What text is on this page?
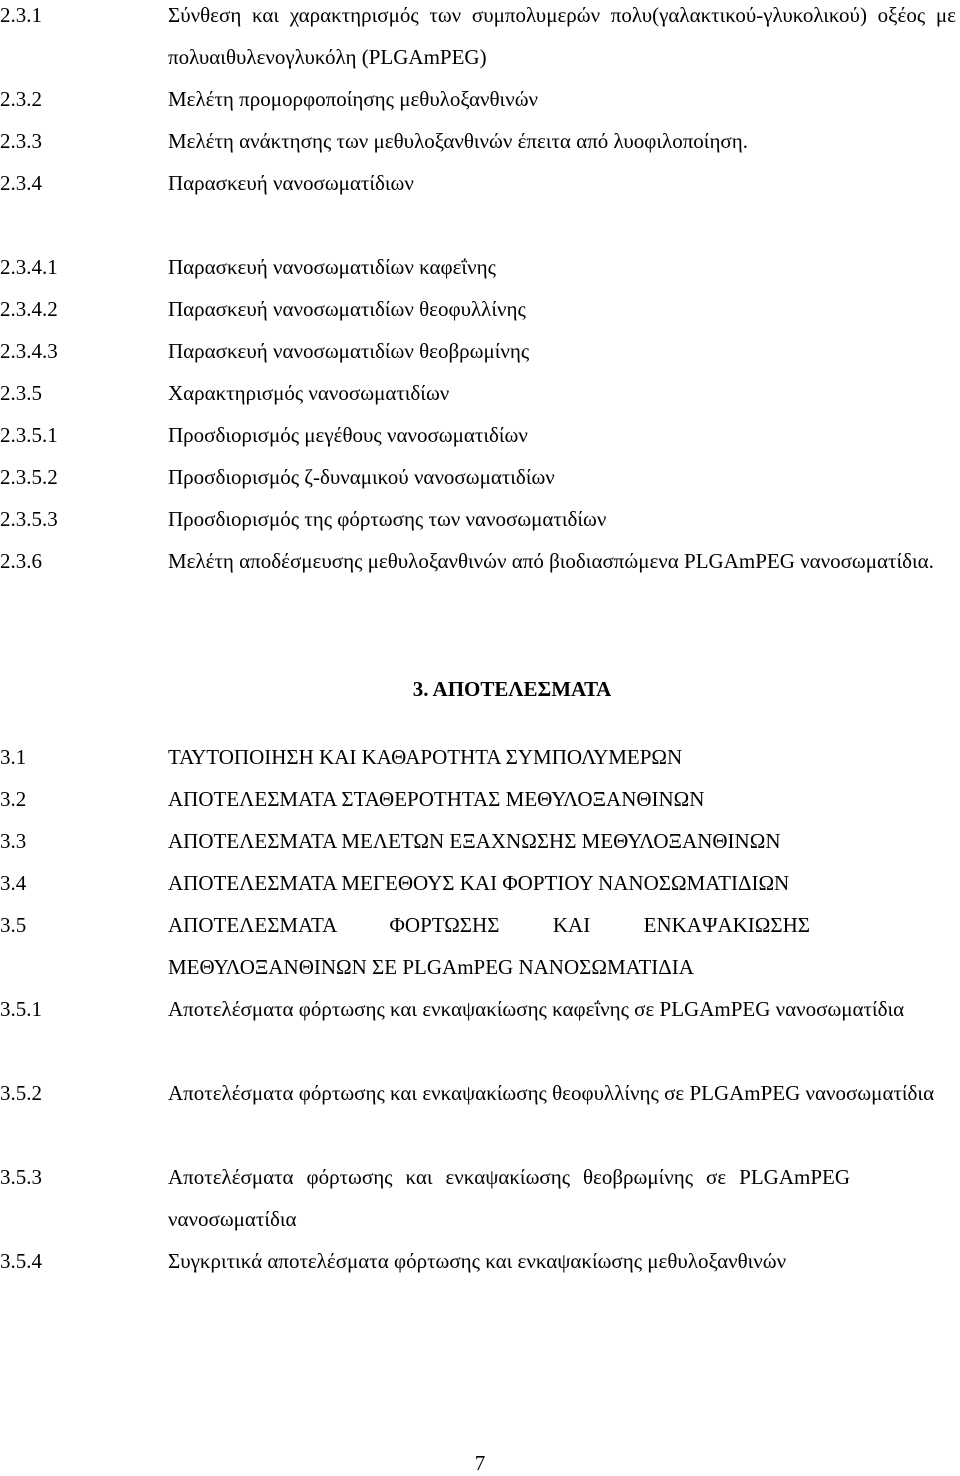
2.3.1	Σύνθεση και χαρακτηρισμός των συμπολυμερών πολυ(γαλακτικού-γλυκολικού) οξέος με πολυαιθυλενογλυκόλη (PLGAmPEG)
2.3.2	Μελέτη προμορφοποίησης μεθυλοξανθινών
2.3.3	Μελέτη ανάκτησης των μεθυλοξανθινών έπειτα από λυοφιλοποίηση.
2.3.4	Παρασκευή νανοσωματίδιων
2.3.4.1	Παρασκευή νανοσωματιδίων καφεΐνης
2.3.4.2	Παρασκευή νανοσωματιδίων θεοφυλλίνης
2.3.4.3	Παρασκευή νανοσωματιδίων θεοβρωμίνης
2.3.5	Χαρακτηρισμός νανοσωματιδίων
2.3.5.1	Προσδιορισμός μεγέθους νανοσωματιδίων
2.3.5.2	Προσδιορισμός ζ-δυναμικού νανοσωματιδίων
2.3.5.3	Προσδιορισμός της φόρτωσης των νανοσωματιδίων
2.3.6	Μελέτη αποδέσμευσης μεθυλοξανθινών από βιοδιασπώμενα PLGAmPEG νανοσωματίδια.
3. ΑΠΟΤΕΛΕΣΜΑΤΑ
3.1	ΤΑΥΤΟΠΟΙΗΣΗ ΚΑΙ ΚΑΘΑΡΟΤΗΤΑ ΣΥΜΠΟΛΥΜΕΡΩΝ
3.2	ΑΠΟΤΕΛΕΣΜΑΤΑ ΣΤΑΘΕΡΟΤΗΤΑΣ ΜΕΘΥΛΟΞΑΝΘΙΝΩΝ
3.3	ΑΠΟΤΕΛΕΣΜΑΤΑ ΜΕΛΕΤΩΝ ΕΞΑΧΝΩΣΗΣ ΜΕΘΥΛΟΞΑΝΘΙΝΩΝ
3.4	ΑΠΟΤΕΛΕΣΜΑΤΑ ΜΕΓΕΘΟΥΣ ΚΑΙ ΦΟΡΤΙΟΥ ΝΑΝΟΣΩΜΑΤΙΔΙΩΝ
3.5	ΑΠΟΤΕΛΕΣΜΑΤΑ ΦΟΡΤΩΣΗΣ ΚΑΙ ΕΝΚΑΨΑΚΙΩΣΗΣ ΜΕΘΥΛΟΞΑΝΘΙΝΩΝ ΣΕ PLGAmPEG ΝΑΝΟΣΩΜΑΤΙΔΙΑ
3.5.1	Αποτελέσματα φόρτωσης και ενκαψακίωσης καφεΐνης σε PLGAmPEG νανοσωματίδια
3.5.2	Αποτελέσματα φόρτωσης και ενκαψακίωσης θεοφυλλίνης σε PLGAmPEG νανοσωματίδια
3.5.3	Αποτελέσματα φόρτωσης και ενκαψακίωσης θεοβρωμίνης σε PLGAmPEG νανοσωματίδια
3.5.4	Συγκριτικά αποτελέσματα φόρτωσης και ενκαψακίωσης μεθυλοξανθινών
7
